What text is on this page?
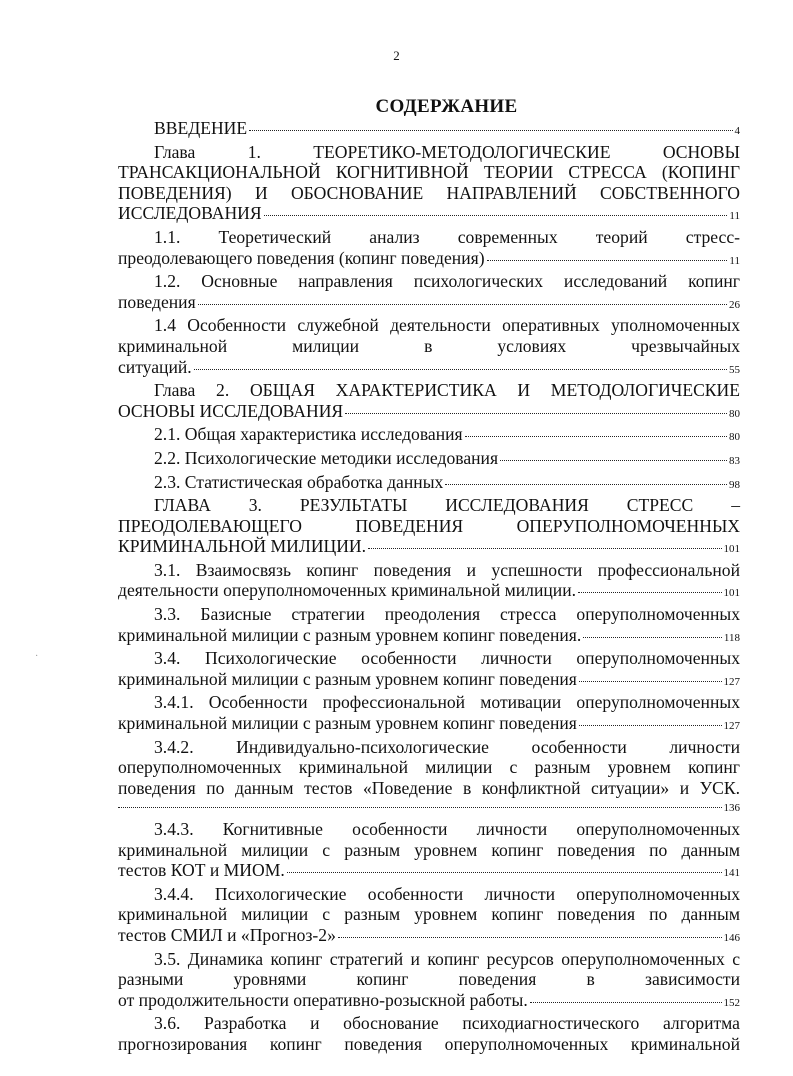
2
СОДЕРЖАНИЕ
·
ВВЕДЕНИЕ	4
Глава 1. ТЕОРЕТИКО-МЕТОДОЛОГИЧЕСКИЕ ОСНОВЫ ТРАНСАКЦИОНАЛЬНОЙ КОГНИТИВНОЙ ТЕОРИИ СТРЕССА (КОПИНГ ПОВЕДЕНИЯ) И ОБОСНОВАНИЕ НАПРАВЛЕНИЙ СОБСТВЕННОГО
ИССЛЕДОВАНИЯ	11
1.1. Теоретический анализ современных теорий стресс-
преодолевающего поведения (копинг поведения)	11
1.2. Основные направления психологических исследований копинг
поведения	26
1.4 Особенности служебной деятельности оперативных уполномоченных криминальной милиции в условиях чрезвычайных
ситуаций.	55
Глава 2. ОБЩАЯ ХАРАКТЕРИСТИКА И МЕТОДОЛОГИЧЕСКИЕ
ОСНОВЫ ИССЛЕДОВАНИЯ	80
2.1. Общая характеристика исследования	80
2.2. Психологические методики исследования	83
2.3. Статистическая обработка данных	98
ГЛАВА 3. РЕЗУЛЬТАТЫ ИССЛЕДОВАНИЯ СТРЕСС – ПРЕОДОЛЕВАЮЩЕГО ПОВЕДЕНИЯ ОПЕРУПОЛНОМОЧЕННЫХ
КРИМИНАЛЬНОЙ МИЛИЦИИ.	101
3.1. Взаимосвязь копинг поведения и успешности профессиональной
деятельности оперуполномоченных криминальной милиции.	101
3.3. Базисные стратегии преодоления стресса оперуполномоченных
криминальной милиции с разным уровнем копинг поведения.	118
3.4. Психологические особенности личности оперуполномоченных
криминальной милиции с разным уровнем копинг поведения	127
3.4.1. Особенности профессиональной мотивации оперуполномоченных
криминальной милиции с разным уровнем копинг поведения	127
3.4.2. Индивидуально-психологические особенности личности оперуполномоченных криминальной милиции с разным уровнем копинг поведения по данным тестов «Поведение в конфликтной ситуации» и УСК.
136
3.4.3. Когнитивные особенности личности оперуполномоченных криминальной милиции с разным уровнем копинг поведения по данным
тестов КОТ и МИОМ.	141
3.4.4. Психологические особенности личности оперуполномоченных криминальной милиции с разным уровнем копинг поведения по данным
тестов СМИЛ и «Прогноз-2»	146
3.5. Динамика копинг стратегий и копинг ресурсов оперуполномоченных с разными уровнями копинг поведения в зависимости
от продолжительности оперативно-розыскной работы.	152
3.6. Разработка и обоснование психодиагностического алгоритма прогнозирования копинг поведения оперуполномоченных криминальной
